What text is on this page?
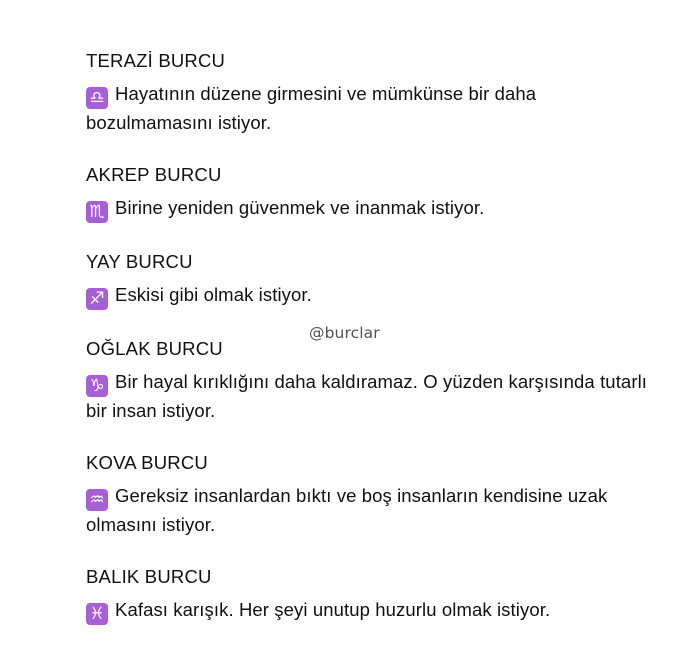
TERAZİ BURCU

♎ Hayatının düzene girmesini ve mümkünse bir daha bozulmamasını istiyor.

AKREP BURCU

♏ Birine yeniden güvenmek ve inanmak istiyor.

YAY BURCU

♐ Eskisi gibi olmak istiyor.

OĞLAK BURCU

♑ Bir hayal kırıklığını daha kaldıramaz. O yüzden karşısında tutarlı bir insan istiyor.

KOVA BURCU

♒ Gereksiz insanlardan bıktı ve boş insanların kendisine uzak olmasını istiyor.

BALIK BURCU

♓ Kafası karışık. Her şeyi unutup huzurlu olmak istiyor.

@burclar
